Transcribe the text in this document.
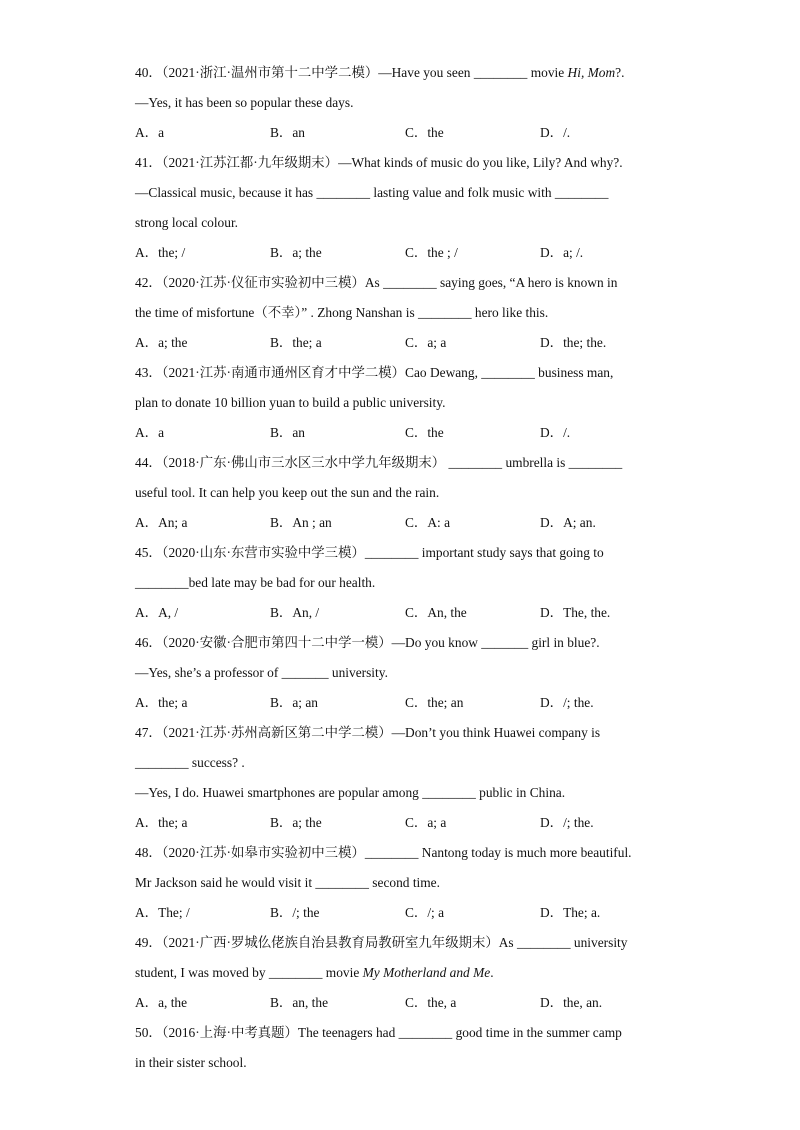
40．（2021·浙江·温州市第十二中学二模）—Have you seen ________ movie Hi, Mom?.
—Yes, it has been so popular these days.
A．a	B．an	C．the	D．/.
41．（2021·江苏江都·九年级期末）—What kinds of music do you like, Lily? And why?.
—Classical music, because it has ________ lasting value and folk music with ________
strong local colour.
A．the; /	B．a; the	C．the ; /	D．a; /.
42．（2020·江苏·仪征市实验初中三模）As ________ saying goes, “A hero is known in
the time of misfortune（不幸）” . Zhong Nanshan is ________ hero like this.
A．a; the	B．the; a	C．a; a	D．the; the.
43．（2021·江苏·南通市通州区育才中学二模）Cao Dewang, ________ business man,
plan to donate 10 billion yuan to build a public university.
A．a	B．an	C．the	D．/.
44．（2018·广东·佛山市三水区三水中学九年级期末） ________ umbrella is ________
useful tool. It can help you keep out the sun and the rain.
A．An; a	B．An ; an	C．A: a	D．A; an.
45．（2020·山东·东营市实验中学三模）________ important study says that going to
________bed late may be bad for our health.
A．A, /	B．An, /	C．An, the	D．The, the.
46．（2020·安徽·合肥市第四十二中学一模）—Do you know _______ girl in blue?.
—Yes, she’s a professor of _______ university.
A．the; a	B．a; an	C．the; an	D．/; the.
47．（2021·江苏·苏州高新区第二中学二模）—Don’t you think Huawei company is
________ success? .
—Yes, I do. Huawei smartphones are popular among ________ public in China.
A．the; a	B．a; the	C．a; a	D．/; the.
48．（2020·江苏·如皋市实验初中三模）________ Nantong today is much more beautiful.
Mr Jackson said he would visit it ________ second time.
A．The; /	B．/; the	C．/; a	D．The; a.
49．（2021·广西·罗城仫佬族自治县教育局教研室九年级期末）As ________ university
student, I was moved by ________ movie My Motherland and Me.
A．a, the	B．an, the	C．the, a	D．the, an.
50．（2016·上海·中考真题）The teenagers had ________ good time in the summer camp
in their sister school.
